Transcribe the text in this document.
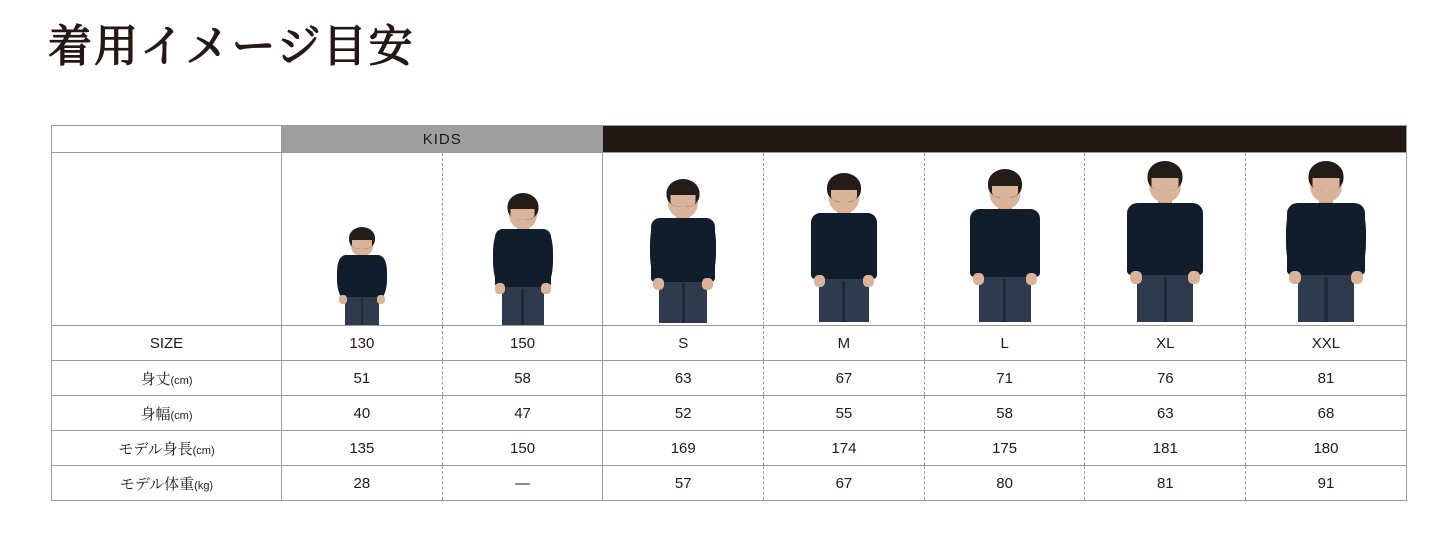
着用イメージ目安
	KIDS		ADULT				

SIZE	130	150	S	M	L	XL	XXL
身丈(cm)	51	58	63	67	71	76	81
身幅(cm)	40	47	52	55	58	63	68
モデル身長(cm)	135	150	169	174	175	181	180
モデル体重(kg)	28	—	57	67	80	81	91
